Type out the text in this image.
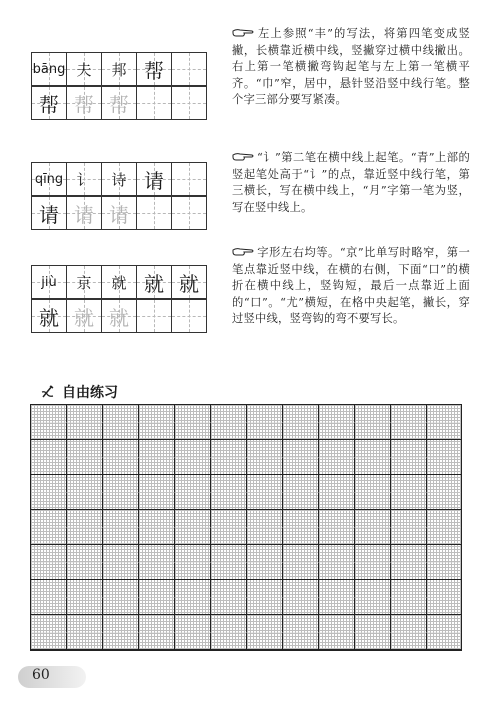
bāng 夫 邦 帮
帮 帮 帮
左上参照“丰”的写法，将第四笔变成竖撇，长横靠近横中线，竖撇穿过横中线撇出。右上第一笔横撇弯钩起笔与左上第一笔横平齐。“巾”窄，居中，悬针竖沿竖中线行笔。整个字三部分要写紧凑。
qīng 讠 诗 请
请 请 请
“讠”第二笔在横中线上起笔。“青”上部的竖起笔处高于“讠”的点，靠近竖中线行笔，第三横长，写在横中线上，“月”字第一笔为竖，写在竖中线上。
jiù 京 就 就 就
就 就 就
字形左右均等。“京”比单写时略窄，第一笔点靠近竖中线，在横的右侧，下面“口”的横折在横中线上，竖钩短，最后一点靠近上面的“口”。“尤”横短，在格中央起笔，撇长，穿过竖中线，竖弯钩的弯不要写长。
自由练习
60
